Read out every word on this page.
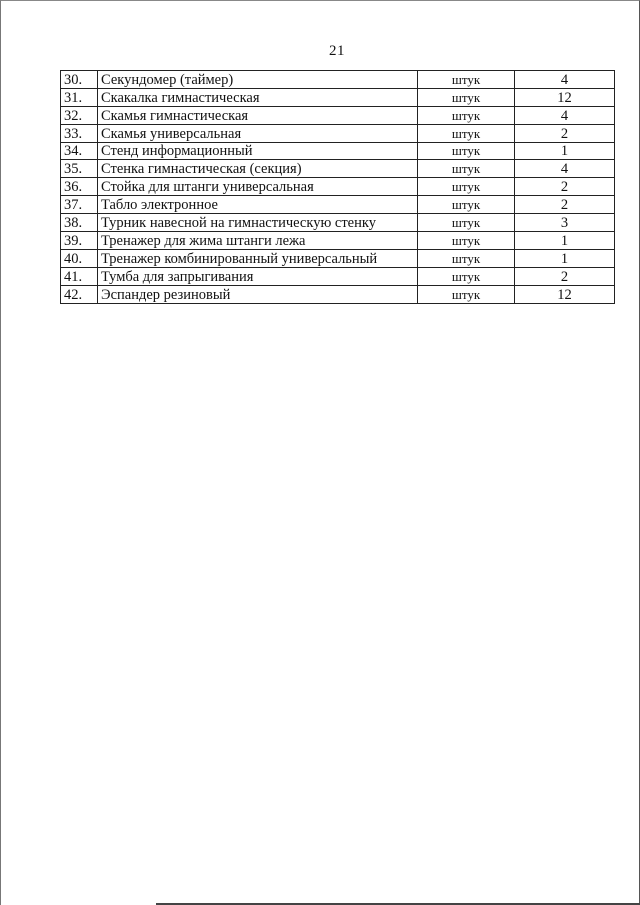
21
30.	Секундомер (таймер)	штук	4
31.	Скакалка гимнастическая	штук	12
32.	Скамья гимнастическая	штук	4
33.	Скамья универсальная	штук	2
34.	Стенд информационный	штук	1
35.	Стенка гимнастическая (секция)	штук	4
36.	Стойка для штанги универсальная	штук	2
37.	Табло электронное	штук	2
38.	Турник навесной на гимнастическую стенку	штук	3
39.	Тренажер для жима штанги лежа	штук	1
40.	Тренажер комбинированный универсальный	штук	1
41.	Тумба для запрыгивания	штук	2
42.	Эспандер резиновый	штук	12
